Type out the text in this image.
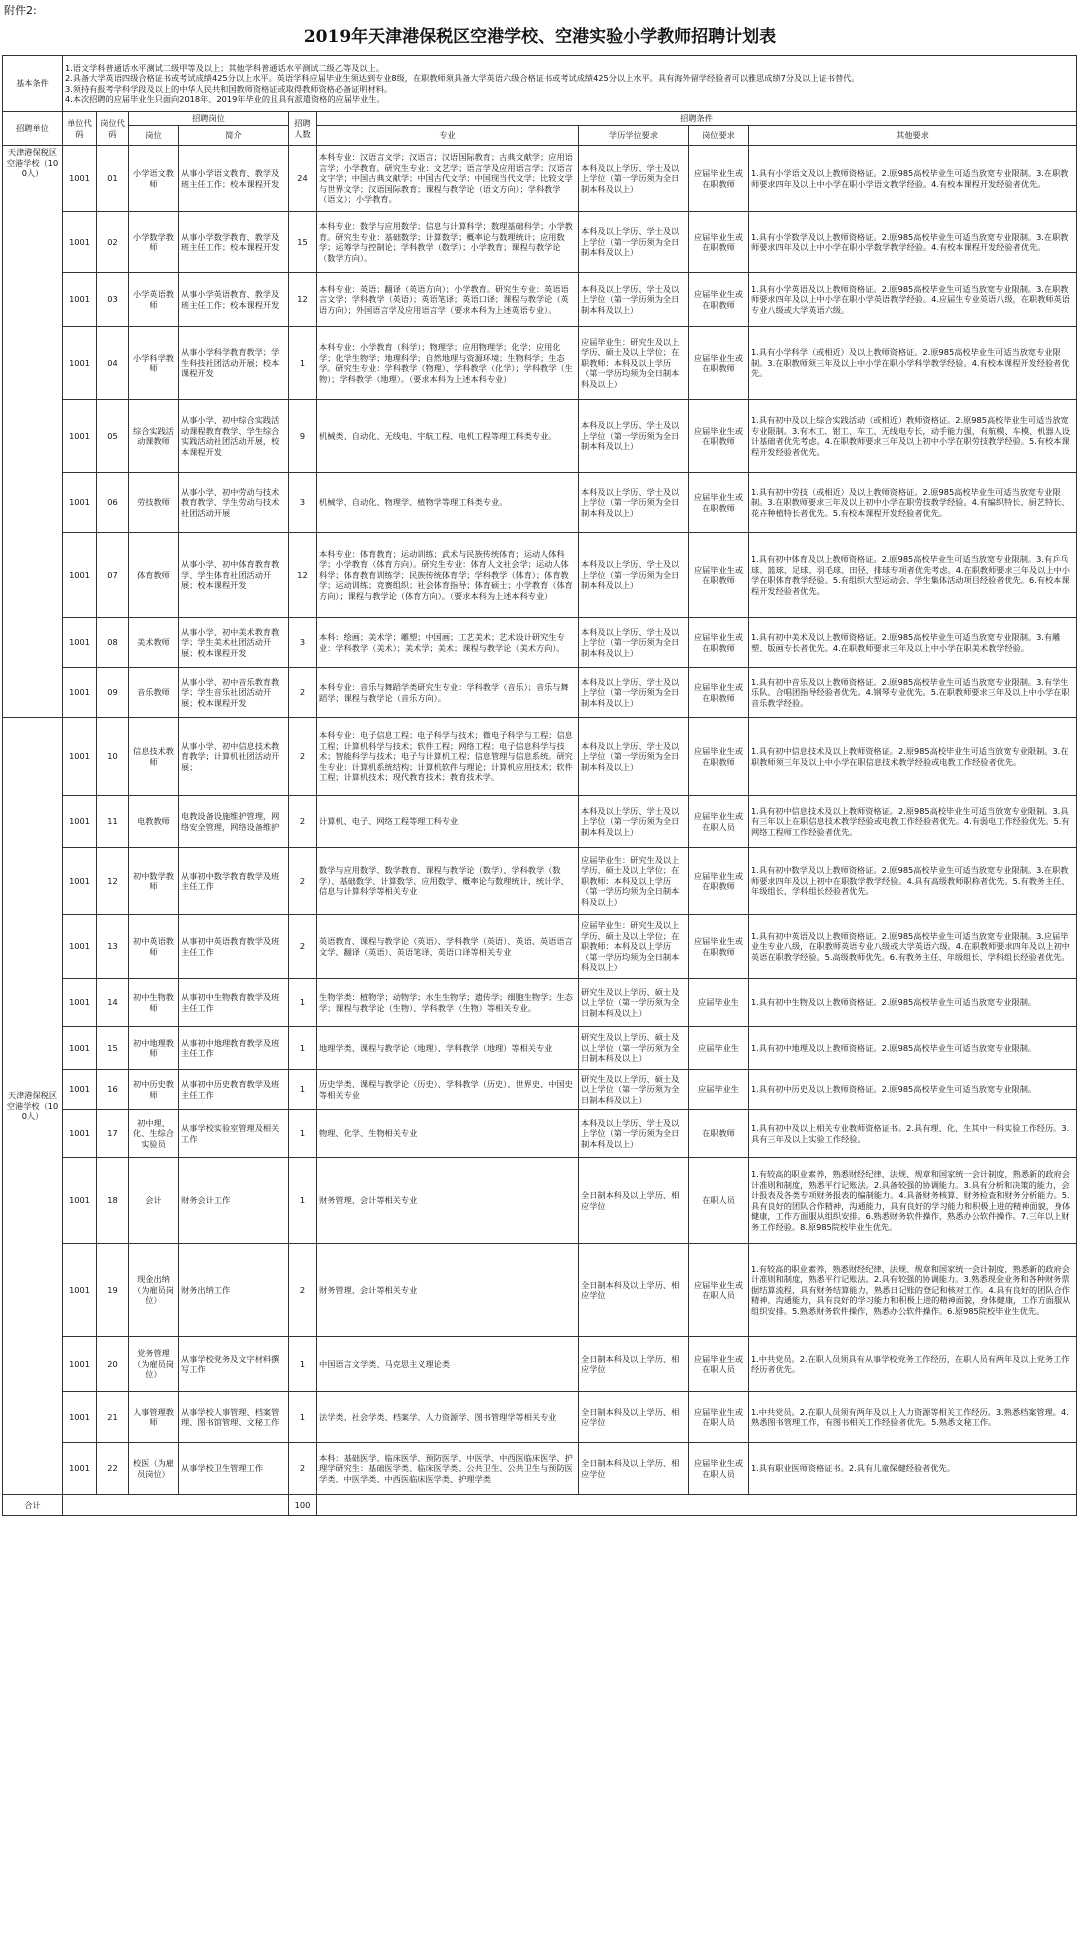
附件2:
2019年天津港保税区空港学校、空港实验小学教师招聘计划表
基本条件	1.语文学科普通话水平测试二级甲等及以上；其他学科普通话水平测试二级乙等及以上。
2.具备大学英语四级合格证书或考试成绩425分以上水平。英语学科应届毕业生须达到专业8级，在职教师须具备大学英语六级合格证书或考试成绩425分以上水平。具有海外留学经验者可以雅思成绩7分及以上证书替代。
3.须持有报考学科学段及以上的中华人民共和国教师资格证或取得教师资格必备证明材料。
4.本次招聘的应届毕业生只面向2018年、2019年毕业的且具有派遣资格的应届毕业生。								

招聘单位	单位代码	岗位代码	招聘岗位		招聘人数	招聘条件			
			岗位	简介		专业	学历学位要求	岗位要求	其他要求
天津港保税区空港学校（100人）	1001	01	小学语文教师	从事小学语文教育、教学及班主任工作；校本课程开发	24	本科专业：汉语言文学；汉语言；汉语国际教育；古典文献学；应用语言学；小学教育。研究生专业：文艺学；语言学及应用语言学；汉语言文字学；中国古典文献学；中国古代文学；中国现当代文学；比较文学与世界文学；汉语国际教育；课程与教学论（语文方向）；学科教学（语文）；小学教育。	本科及以上学历、学士及以上学位（第一学历须为全日制本科及以上）	应届毕业生或在职教师	1.具有小学语文及以上教师资格证。2.原985高校毕业生可适当放宽专业限制。3.在职教师要求四年及以上中小学在职小学语文教学经验。4.有校本课程开发经验者优先。
	1001	02	小学数学教师	从事小学数学教育、教学及班主任工作；校本课程开发	15	本科专业：数学与应用数学；信息与计算科学；数理基础科学；小学教育。研究生专业：基础数学；计算数学；概率论与数理统计；应用数学；运筹学与控制论；学科教学（数学）；小学教育；课程与教学论（数学方向）。	本科及以上学历、学士及以上学位（第一学历须为全日制本科及以上）	应届毕业生或在职教师	1.具有小学数学及以上教师资格证。2.原985高校毕业生可适当放宽专业限制。3.在职教师要求四年及以上中小学在职小学数学教学经验。4.有校本课程开发经验者优先。
	1001	03	小学英语教师	从事小学英语教育、教学及班主任工作；校本课程开发	12	本科专业：英语；翻译（英语方向）；小学教育。研究生专业：英语语言文学；学科教学（英语）；英语笔译；英语口译；课程与教学论（英语方向）；外国语言学及应用语言学（要求本科为上述英语专业）。	本科及以上学历、学士及以上学位（第一学历须为全日制本科及以上）	应届毕业生或在职教师	1.具有小学英语及以上教师资格证。2.原985高校毕业生可适当放宽专业限制。3.在职教师要求四年及以上中小学在职小学英语教学经验。4.应届生专业英语八级，在职教师英语专业八级或大学英语六级。
	1001	04	小学科学教师	从事小学科学教育教学；学生科技社团活动开展；校本课程开发	1	本科专业：小学教育（科学）；物理学；应用物理学；化学；应用化学；化学生物学；地理科学；自然地理与资源环境；生物科学；生态学。研究生专业：学科教学（物理）、学科教学（化学）；学科教学（生物）；学科教学（地理）。（要求本科为上述本科专业）	应届毕业生：研究生及以上学历、硕士及以上学位；在职教师：本科及以上学历（第一学历均须为全日制本科及以上）	应届毕业生或在职教师	1.具有小学科学（或相近）及以上教师资格证。2.原985高校毕业生可适当放宽专业限制。3.在职教师须三年及以上中小学在职小学科学教学经验。4.有校本课程开发经验者优先。
	1001	05	综合实践活动课教师	从事小学、初中综合实践活动课程教育教学、学生综合实践活动社团活动开展，校本课程开发	9	机械类、自动化、无线电、宇航工程、电机工程等理工科类专业。	本科及以上学历、学士及以上学位（第一学历须为全日制本科及以上）	应届毕业生或在职教师	1.具有初中及以上综合实践活动（或相近）教师资格证。2.原985高校毕业生可适当放宽专业限制。3.有木工、钳工、车工、无线电专长，动手能力强，有航模、车模、机器人设计基础者优先考虑。4.在职教师要求三年及以上初中小学在职劳技教学经验。5.有校本课程开发经验者优先。
	1001	06	劳技教师	从事小学、初中劳动与技术教育教学、学生劳动与技术社团活动开展	3	机械学、自动化、物理学、植物学等理工科类专业。	本科及以上学历、学士及以上学位（第一学历须为全日制本科及以上）	应届毕业生或在职教师	1.具有初中劳技（或相近）及以上教师资格证。2.原985高校毕业生可适当放宽专业限制。3.在职教师要求三年及以上初中小学在职劳技教学经验。4.有编织特长、厨艺特长、花卉种植特长者优先。5.有校本课程开发经验者优先。
	1001	07	体育教师	从事小学、初中体育教育教学、学生体育社团活动开展；校本课程开发	12	本科专业：体育教育；运动训练；武术与民族传统体育；运动人体科学；小学教育（体育方向）。研究生专业：体育人文社会学；运动人体科学；体育教育训练学；民族传统体育学；学科教学（体育）；体育教学；运动训练；竞赛组织；社会体育指导；体育硕士；小学教育（体育方向）；课程与教学论（体育方向）。（要求本科为上述本科专业）	本科及以上学历、学士及以上学位（第一学历须为全日制本科及以上）	应届毕业生或在职教师	1.具有初中体育及以上教师资格证。2.原985高校毕业生可适当放宽专业限制。3.有乒乓球、篮球、足球、羽毛球、田径、排球专项者优先考虑。4.在职教师要求三年及以上中小学在职体育教学经验。5.有组织大型运动会、学生集体活动项目经验者优先。6.有校本课程开发经验者优先。
	1001	08	美术教师	从事小学、初中美术教育教学；学生美术社团活动开展；校本课程开发	3	本科：绘画；美术学；雕塑；中国画；工艺美术；艺术设计研究生专业：学科教学（美术）；美术学；美术；课程与教学论（美术方向）。	本科及以上学历、学士及以上学位（第一学历须为全日制本科及以上）	应届毕业生或在职教师	1.具有初中美术及以上教师资格证。2.原985高校毕业生可适当放宽专业限制。3.有雕塑、版画专长者优先。4.在职教师要求三年及以上中小学在职美术教学经验。
	1001	09	音乐教师	从事小学、初中音乐教育教学；学生音乐社团活动开展；校本课程开发	2	本科专业：音乐与舞蹈学类研究生专业：学科教学（音乐）；音乐与舞蹈学；课程与教学论（音乐方向）。	本科及以上学历、学士及以上学位（第一学历须为全日制本科及以上）	应届毕业生或在职教师	1.具有初中音乐及以上教师资格证。2.原985高校毕业生可适当放宽专业限制。3.有学生乐队、合唱团指导经验者优先。4.钢琴专业优先。5.在职教师要求三年及以上中小学在职音乐教学经验。
天津港保税区空港学校（100人）	1001	10	信息技术教师	从事小学、初中信息技术教育教学；计算机社团活动开展；	2	本科专业：电子信息工程；电子科学与技术；微电子科学与工程；信息工程；计算机科学与技术；软件工程；网络工程；电子信息科学与技术；智能科学与技术；电子与计算机工程；信息管理与信息系统。研究生专业：计算机系统结构；计算机软件与理论；计算机应用技术；软件工程；计算机技术；现代教育技术；教育技术学。	本科及以上学历、学士及以上学位（第一学历须为全日制本科及以上）	应届毕业生或在职教师	1.具有初中信息技术及以上教师资格证。2.原985高校毕业生可适当放宽专业限制。3.在职教师须三年及以上中小学在职信息技术教学经验或电教工作经验者优先。
	1001	11	电教教师	电教设备设施维护管理，网络安全管理，网络设备维护	2	计算机、电子、网络工程等理工科专业	本科及以上学历、学士及以上学位（第一学历须为全日制本科及以上）	应届毕业生或在职人员	1.具有初中信息技术及以上教师资格证。2.原985高校毕业生可适当放宽专业限制。3.具有三年以上在职信息技术教学经验或电教工作经验者优先。4.有弱电工作经验优先。5.有网络工程师工作经验者优先。
	1001	12	初中数学教师	从事初中数学教育教学及班主任工作	2	数学与应用数学、数学教育、课程与教学论（数学）、学科教学（数学）、基础数学、计算数学、应用数学、概率论与数理统计、统计学、信息与计算科学等相关专业	应届毕业生：研究生及以上学历、硕士及以上学位；在职教师：本科及以上学历（第一学历均须为全日制本科及以上）	应届毕业生或在职教师	1.具有初中数学及以上教师资格证。2.原985高校毕业生可适当放宽专业限制。3.在职教师要求四年及以上初中在职数学教学经验。4.具有高级教师职称者优先。5.有教务主任、年级组长、学科组长经验者优先。
	1001	13	初中英语教师	从事初中英语教育教学及班主任工作	2	英语教育、课程与教学论（英语）、学科教学（英语）、英语、英语语言文学、翻译（英语）、英语笔译、英语口译等相关专业	应届毕业生：研究生及以上学历、硕士及以上学位；在职教师：本科及以上学历（第一学历均须为全日制本科及以上）	应届毕业生或在职教师	1.具有初中英语及以上教师资格证。2.原985高校毕业生可适当放宽专业限制。3.应届毕业生专业八级，在职教师英语专业八级或大学英语六级。4.在职教师要求四年及以上初中英语在职教学经验。5.高级教师优先。6.有教务主任、年级组长、学科组长经验者优先。
	1001	14	初中生物教师	从事初中生物教育教学及班主任工作	1	生物学类：植物学；动物学；水生生物学；遗传学；细胞生物学；生态学；课程与教学论（生物）、学科教学（生物）等相关专业。	研究生及以上学历、硕士及以上学位（第一学历须为全日制本科及以上）	应届毕业生	1.具有初中生物及以上教师资格证。2.原985高校毕业生可适当放宽专业限制。
	1001	15	初中地理教师	从事初中地理教育教学及班主任工作	1	地理学类、课程与教学论（地理）、学科教学（地理）等相关专业	研究生及以上学历、硕士及以上学位（第一学历须为全日制本科及以上）	应届毕业生	1.具有初中地理及以上教师资格证。2.原985高校毕业生可适当放宽专业限制。
	1001	16	初中历史教师	从事初中历史教育教学及班主任工作	1	历史学类、课程与教学论（历史）、学科教学（历史）、世界史、中国史等相关专业	研究生及以上学历、硕士及以上学位（第一学历须为全日制本科及以上）	应届毕业生	1.具有初中历史及以上教师资格证。2.原985高校毕业生可适当放宽专业限制。
	1001	17	初中理、化、生综合实验员	从事学校实验室管理及相关工作	1	物理、化学、生物相关专业	本科及以上学历、学士及以上学位（第一学历须为全日制本科及以上）	在职教师	1.具有初中及以上相关专业教师资格证书。2.具有理、化、生其中一科实验工作经历。3.具有三年及以上实验工作经验。
	1001	18	会计	财务会计工作	1	财务管理、会计等相关专业	全日制本科及以上学历、相应学位	在职人员	1.有较高的职业素养，熟悉财经纪律、法规、规章和国家统一会计制度，熟悉新的政府会计准则和制度，熟悉平行记账法。2.具备较强的协调能力。3.具有分析和决策的能力，会计报表及各类专项财务报表的编制能力。4.具备财务核算、财务检查和财务分析能力。5.具有良好的团队合作精神，沟通能力，具有良好的学习能力和积极上进的精神面貌，身体健康，工作方面服从组织安排。6.熟悉财务软件操作，熟悉办公软件操作。7.三年以上财务工作经验。8.原985院校毕业生优先。
	1001	19	现金出纳（为雇员岗位）	财务出纳工作	2	财务管理、会计等相关专业	全日制本科及以上学历、相应学位	应届毕业生或在职人员	1.有较高的职业素养，熟悉财经纪律、法规、规章和国家统一会计制度，熟悉新的政府会计准则和制度，熟悉平行记账法。2.具有较强的协调能力。3.熟悉现金业务和各种财务票据结算流程，具有财务结算能力，熟悉日记账的登记和核对工作。4.具有良好的团队合作精神、沟通能力，具有良好的学习能力和积极上进的精神面貌，身体健康，工作方面服从组织安排。5.熟悉财务软件操作，熟悉办公软件操作。6.原985院校毕业生优先。
	1001	20	党务管理（为雇员岗位）	从事学校党务及文字材料撰写工作	1	中国语言文学类、马克思主义理论类	全日制本科及以上学历、相应学位	应届毕业生或在职人员	1.中共党员。2.在职人员须具有从事学校党务工作经历，在职人员有两年及以上党务工作经历者优先。
	1001	21	人事管理教师	从事学校人事管理、档案管理、图书馆管理、文秘工作	1	法学类、社会学类、档案学、人力资源学、图书管理学等相关专业	全日制本科及以上学历、相应学位	应届毕业生或在职人员	1.中共党员。2.在职人员须有两年及以上人力资源等相关工作经历。3.熟悉档案管理。4.熟悉图书管理工作，有图书相关工作经验者优先。5.熟悉文秘工作。
	1001	22	校医（为雇员岗位）	从事学校卫生管理工作	2	本科：基础医学、临床医学、预防医学、中医学、中西医临床医学、护理学研究生：基础医学类、临床医学类、公共卫生、公共卫生与预防医学类、中医学类、中西医临床医学类、护理学类	全日制本科及以上学历、相应学位	应届毕业生或在职人员	1.具有职业医师资格证书。2.具有儿童保健经验者优先。
合计					100				
